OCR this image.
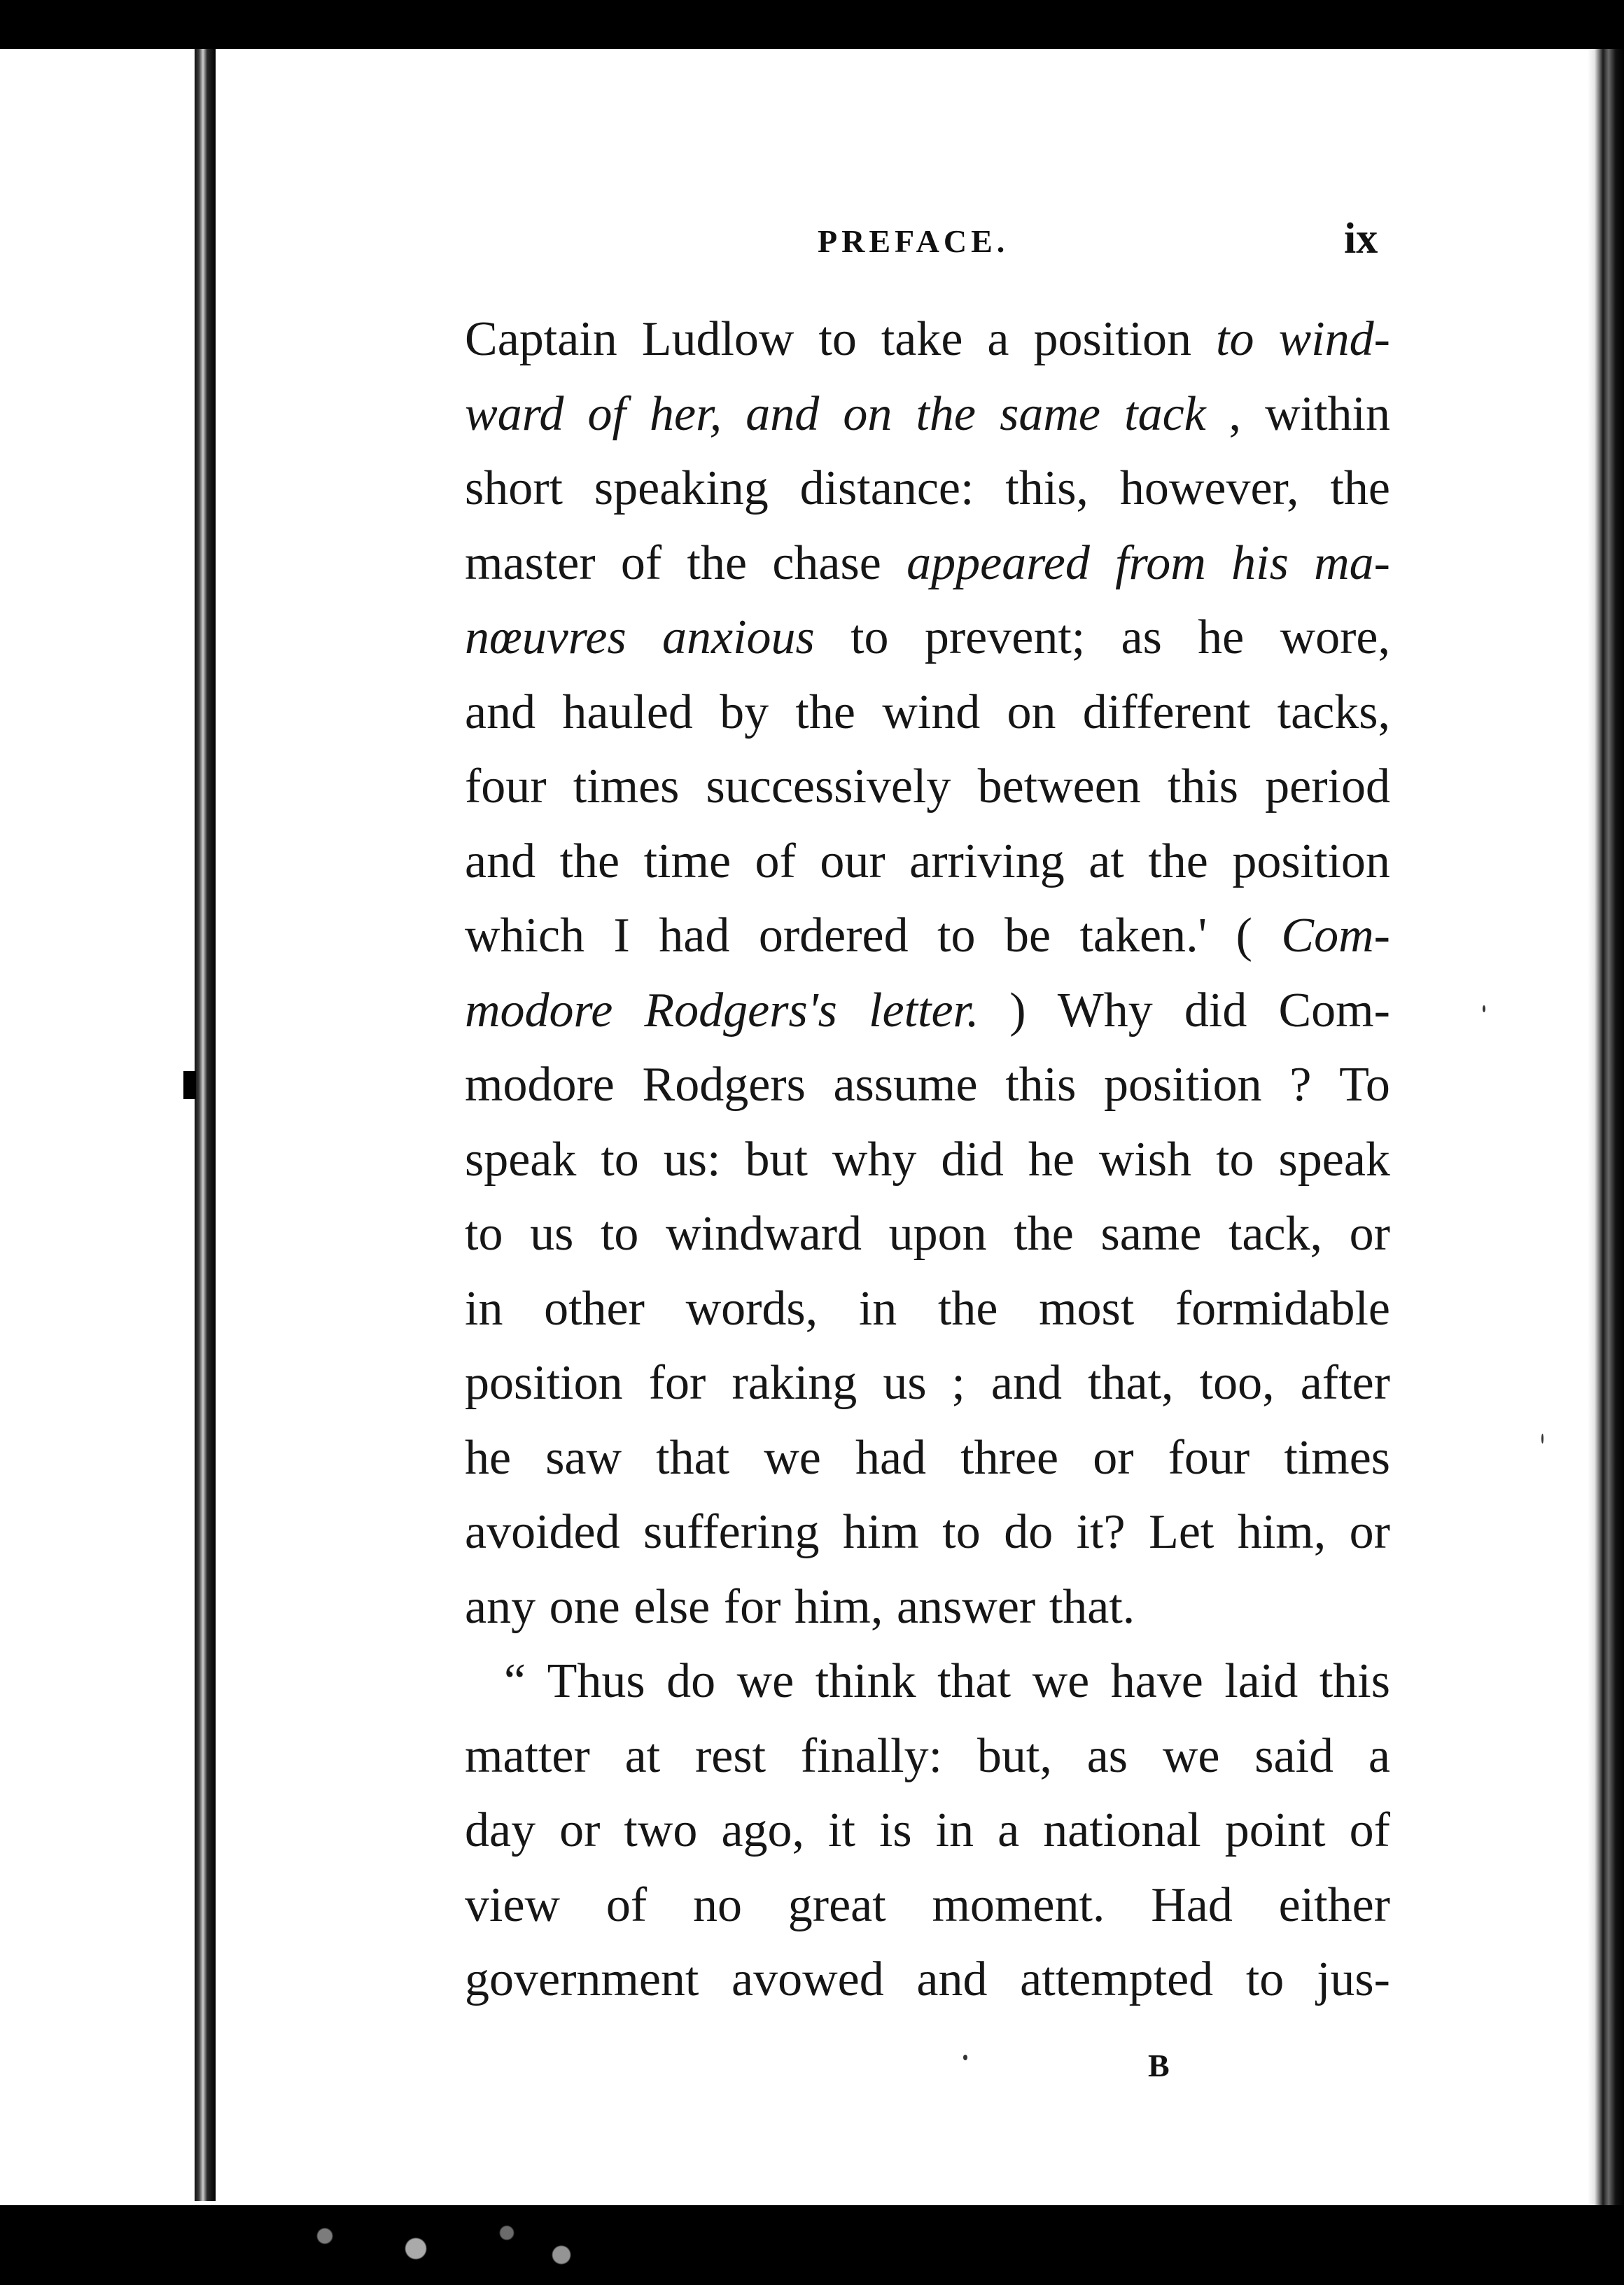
PREFACE.	ix
Captain Ludlow to take a position to wind-
ward of her, and on the same tack , within
short speaking distance: this, however, the
master of the chase appeared from his ma-
nœuvres anxious to prevent; as he wore,
and hauled by the wind on different tacks,
four times successively between this period
and the time of our arriving at the position
which I had ordered to be taken.' ( Com-
modore Rodgers's letter. ) Why did Com-
modore Rodgers assume this position ? To
speak to us: but why did he wish to speak
to us to windward upon the same tack, or
in other words, in the most formidable
position for raking us ; and that, too, after
he saw that we had three or four times
avoided suffering him to do it? Let him, or
any one else for him, answer that.
“ Thus do we think that we have laid this
matter at rest finally: but, as we said a
day or two ago, it is in a national point of
view of no great moment. Had either
government avowed and attempted to jus-
B
